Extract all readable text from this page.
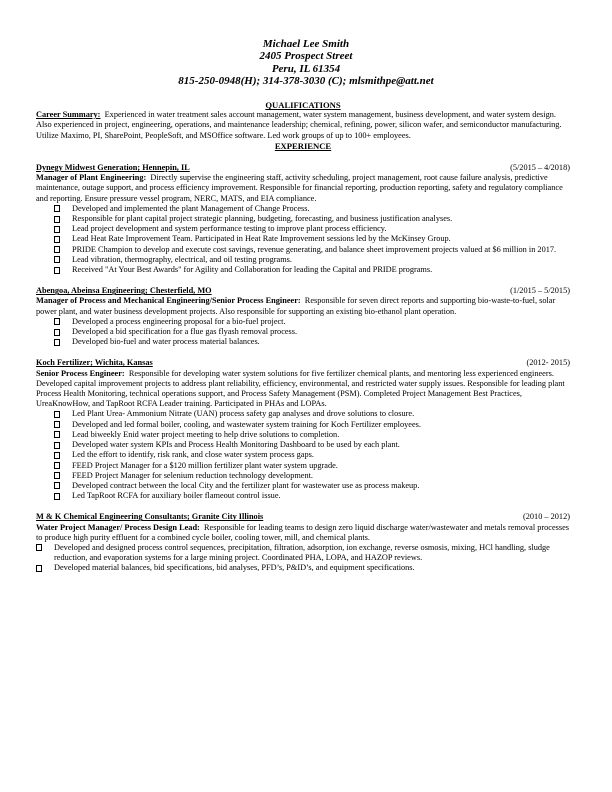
Michael Lee Smith
2405 Prospect Street
Peru, IL 61354
815-250-0948(H); 314-378-3030 (C); mlsmithpe@att.net
QUALIFICATIONS

Career Summary: Experienced in water treatment sales account management, water system management, business development, and water system design. Also experienced in project, engineering, operations, and maintenance leadership; chemical, refining, power, silicon wafer, and semiconductor manufacturing. Utilize Maximo, PI, SharePoint, PeopleSoft, and MSOffice software. Led work groups of up to 100+ employees.

EXPERIENCE
Dynegy Midwest Generation; Hennepin, IL	(5/2015 – 4/2018)

Manager of Plant Engineering: Directly supervise the engineering staff, activity scheduling, project management, root cause failure analysis, predictive maintenance, outage support, and process efficiency improvement. Responsible for financial reporting, production reporting, safety and regulatory compliance and reporting. Ensure pressure vessel program, NERC, MATS, and EIA compliance.

Developed and implemented the plant Management of Change Process.
Responsible for plant capital project strategic planning, budgeting, forecasting, and business justification analyses.
Lead project development and system performance testing to improve plant process efficiency.
Lead Heat Rate Improvement Team. Participated in Heat Rate Improvement sessions led by the McKinsey Group.
PRIDE Champion to develop and execute cost savings, revenue generating, and balance sheet improvement projects valued at $6 million in 2017.
Lead vibration, thermography, electrical, and oil testing programs.
Received "At Your Best Awards" for Agility and Collaboration for leading the Capital and PRIDE programs.
Abengoa, Abeinsa Engineering; Chesterfield, MO	(1/2015 – 5/2015)

Manager of Process and Mechanical Engineering/Senior Process Engineer: Responsible for seven direct reports and supporting bio-waste-to-fuel, solar power plant, and water business development projects. Also responsible for supporting an existing bio-ethanol plant operation.

Developed a process engineering proposal for a bio-fuel project.
Developed a bid specification for a flue gas flyash removal process.
Developed bio-fuel and water process material balances.
Koch Fertilizer; Wichita, Kansas	(2012- 2015)

Senior Process Engineer: Responsible for developing water system solutions for five fertilizer chemical plants, and mentoring less experienced engineers. Developed capital improvement projects to address plant reliability, efficiency, environmental, and restricted water supply issues. Responsible for leading plant Process Health Monitoring, technical operations support, and Process Safety Management (PSM). Completed Project Management Best Practices, UreaKnowHow, and TapRoot RCFA Leader training. Participated in PHAs and LOPAs.

Led Plant Urea- Ammonium Nitrate (UAN) process safety gap analyses and drove solutions to closure.
Developed and led formal boiler, cooling, and wastewater system training for Koch Fertilizer employees.
Lead biweekly Enid water project meeting to help drive solutions to completion.
Developed water system KPIs and Process Health Monitoring Dashboard to be used by each plant.
Led the effort to identify, risk rank, and close water system process gaps.
FEED Project Manager for a $120 million fertilizer plant water system upgrade.
FEED Project Manager for selenium reduction technology development.
Developed contract between the local City and the fertilizer plant for wastewater use as process makeup.
Led TapRoot RCFA for auxiliary boiler flameout control issue.
M & K Chemical Engineering Consultants; Granite City Illinois	(2010 – 2012)

Water Project Manager/ Process Design Lead: Responsible for leading teams to design zero liquid discharge water/wastewater and metals removal processes to produce high purity effluent for a combined cycle boiler, cooling tower, mill, and chemical plants.

Developed and designed process control sequences, precipitation, filtration, adsorption, ion exchange, reverse osmosis, mixing, HCl handling, sludge reduction, and evaporation systems for a large mining project. Coordinated PHA, LOPA, and HAZOP reviews.
Developed material balances, bid specifications, bid analyses, PFD’s, P&ID’s, and equipment specifications.
